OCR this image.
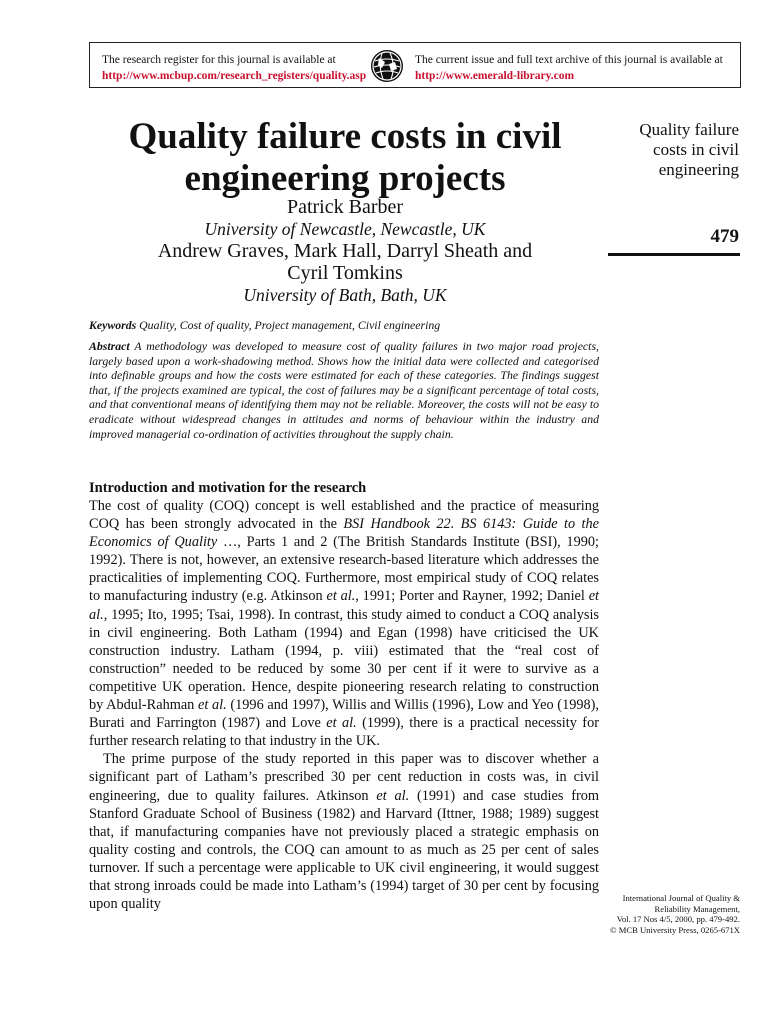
The research register for this journal is available at
http://www.mcbup.com/research_registers/quality.asp
The current issue and full text archive of this journal is available at
http://www.emerald-library.com
Quality failure costs in civil
engineering projects
Patrick Barber
University of Newcastle, Newcastle, UK
Andrew Graves, Mark Hall, Darryl Sheath and
Cyril Tomkins
University of Bath, Bath, UK
Quality failure
costs in civil
engineering
479
Keywords Quality, Cost of quality, Project management, Civil engineering
Abstract A methodology was developed to measure cost of quality failures in two major road projects, largely based upon a work-shadowing method. Shows how the initial data were collected and categorised into definable groups and how the costs were estimated for each of these categories. The findings suggest that, if the projects examined are typical, the cost of failures may be a significant percentage of total costs, and that conventional means of identifying them may not be reliable. Moreover, the costs will not be easy to eradicate without widespread changes in attitudes and norms of behaviour within the industry and improved managerial co-ordination of activities throughout the supply chain.
Introduction and motivation for the research

The cost of quality (COQ) concept is well established and the practice of measuring COQ has been strongly advocated in the BSI Handbook 22. BS 6143: Guide to the Economics of Quality …, Parts 1 and 2 (The British Standards Institute (BSI), 1990; 1992). There is not, however, an extensive research-based literature which addresses the practicalities of implementing COQ. Furthermore, most empirical study of COQ relates to manufacturing industry (e.g. Atkinson et al., 1991; Porter and Rayner, 1992; Daniel et al., 1995; Ito, 1995; Tsai, 1998). In contrast, this study aimed to conduct a COQ analysis in civil engineering. Both Latham (1994) and Egan (1998) have criticised the UK construction industry. Latham (1994, p. viii) estimated that the “real cost of construction” needed to be reduced by some 30 per cent if it were to survive as a competitive UK operation. Hence, despite pioneering research relating to construction by Abdul-Rahman et al. (1996 and 1997), Willis and Willis (1996), Low and Yeo (1998), Burati and Farrington (1987) and Love et al. (1999), there is a practical necessity for further research relating to that industry in the UK.

The prime purpose of the study reported in this paper was to discover whether a significant part of Latham’s prescribed 30 per cent reduction in costs was, in civil engineering, due to quality failures. Atkinson et al. (1991) and case studies from Stanford Graduate School of Business (1982) and Harvard (Ittner, 1988; 1989) suggest that, if manufacturing companies have not previously placed a strategic emphasis on quality costing and controls, the COQ can amount to as much as 25 per cent of sales turnover. If such a percentage were applicable to UK civil engineering, it would suggest that strong inroads could be made into Latham’s (1994) target of 30 per cent by focusing upon quality	International Journal of Quality &
Reliability Management,
Vol. 17 Nos 4/5, 2000, pp. 479-492.
© MCB University Press, 0265-671X
